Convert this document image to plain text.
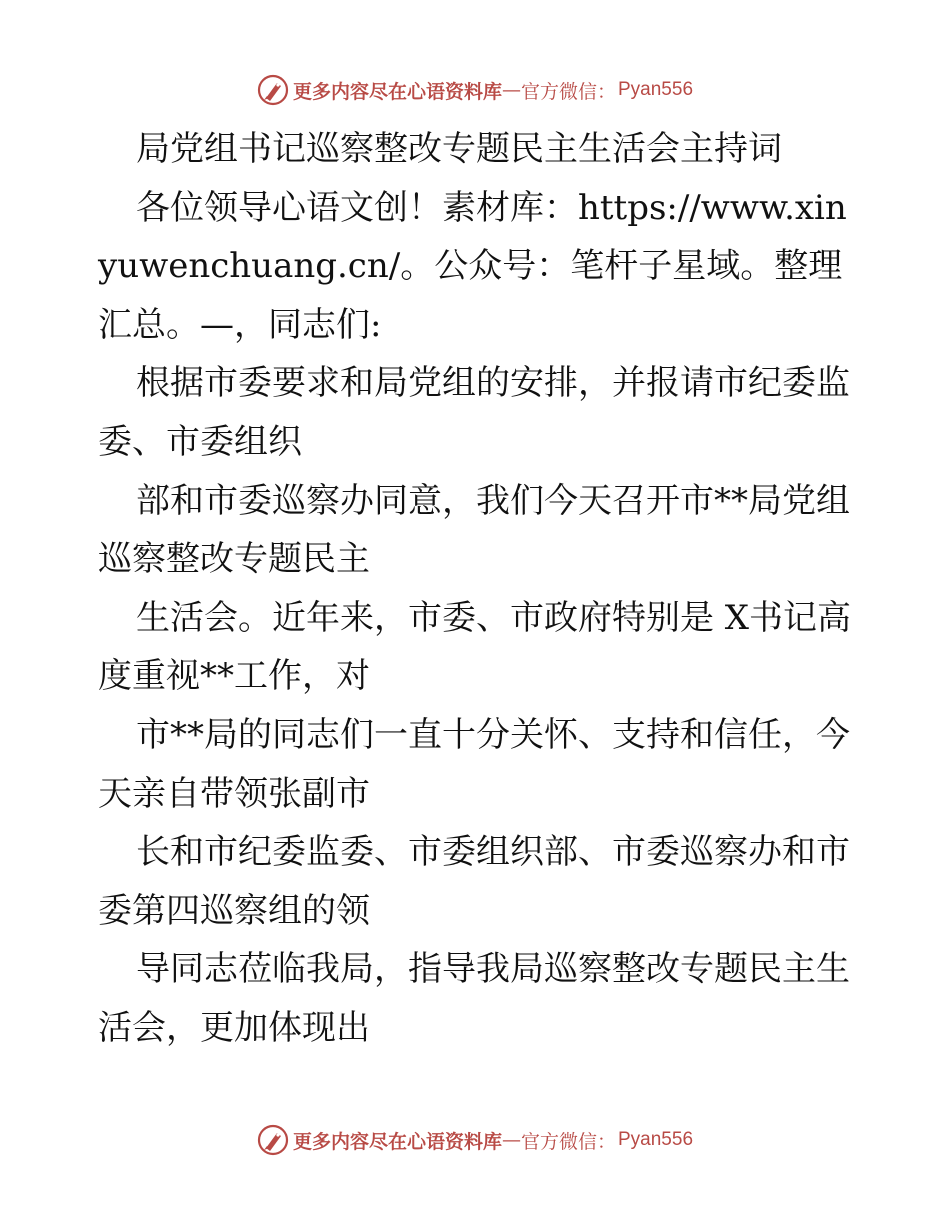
更多内容尽在心语资料库 — 官方微信： Pyan556

局党组书记巡察整改专题民主生活会主持词

各位领导心语文创！素材库：https://www.xinyuwenchuang.cn/。公众号：笔杆子星域。整理汇总。—，同志们:

根据市委要求和局党组的安排，并报请市纪委监委、市委组织

部和市委巡察办同意，我们今天召开市**局党组巡察整改专题民主

生活会。近年来，市委、市政府特别是 X书记高度重视**工作，对

市**局的同志们一直十分关怀、支持和信任，今天亲自带领张副市

长和市纪委监委、市委组织部、市委巡察办和市委第四巡察组的领

导同志莅临我局，指导我局巡察整改专题民主生活会，更加体现出

更多内容尽在心语资料库 — 官方微信： Pyan556
